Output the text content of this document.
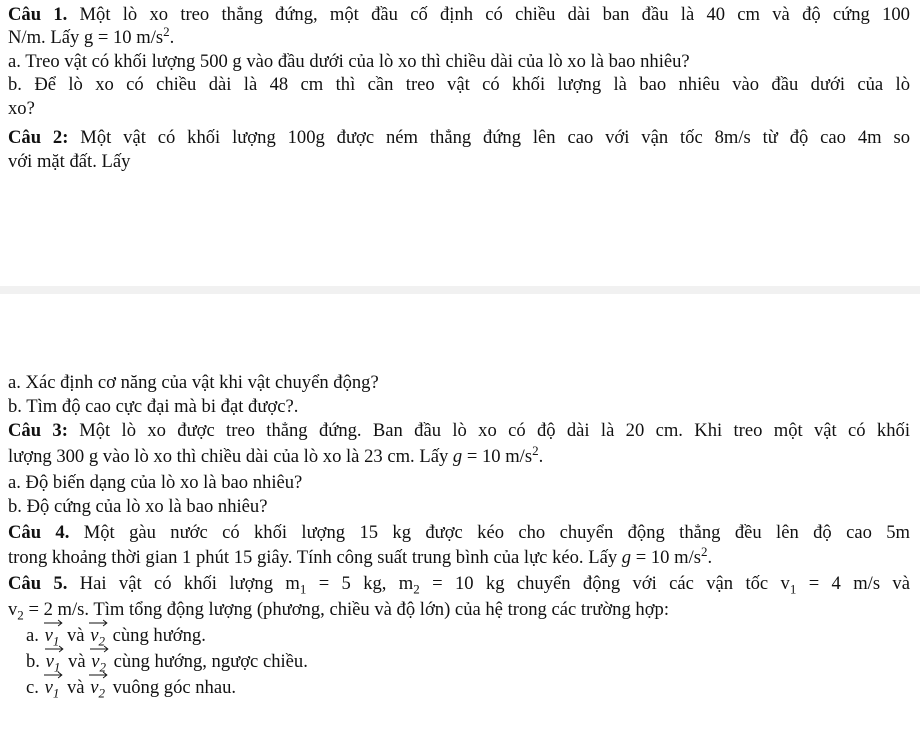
Câu 1. Một lò xo treo thẳng đứng, một đầu cố định có chiều dài ban đầu là 40 cm và độ cứng 100
N/m. Lấy g = 10 $m/s^2$.
a. Treo vật có khối lượng 500 g vào đầu dưới của lò xo thì chiều dài của lò xo là bao nhiêu?
b. Để lò xo có chiều dài là 48 cm thì cần treo vật có khối lượng là bao nhiêu vào đầu dưới của lò
xo?
Câu 2: Một vật có khối lượng 100g được ném thẳng đứng lên cao với vận tốc 8m/s từ độ cao 4m so
với mặt đất. Lấy
a. Xác định cơ năng của vật khi vật chuyển động?
b. Tìm độ cao cực đại mà bi đạt được?.
Câu 3: Một lò xo được treo thẳng đứng. Ban đầu lò xo có độ dài là 20 cm. Khi treo một vật có khối
lượng 300 g vào lò xo thì chiều dài của lò xo là 23 cm. Lấy g = 10 $m/s^2$.
a. Độ biến dạng của lò xo là bao nhiêu?
b. Độ cứng của lò xo là bao nhiêu?
Câu 4. Một gàu nước có khối lượng 15 kg được kéo cho chuyển động thẳng đều lên độ cao 5m
trong khoảng thời gian 1 phút 15 giây. Tính công suất trung bình của lực kéo. Lấy g = 10 $m/s^2$.
Câu 5. Hai vật có khối lượng $m_1 = 5$ kg, $m_2 = 10$ kg chuyển động với các vận tốc $v_1 = 4$ m/s và
$v_2 = 2$ m/s. Tìm tổng động lượng (phương, chiều và độ lớn) của hệ trong các trường hợp:
a.
$v_1$ và
$v_2$ cùng hướng.
b.
$v_1$ và
$v_2$ cùng hướng, ngược chiều.
c.
$v_1$ và
$v_2$ vuông góc nhau.
